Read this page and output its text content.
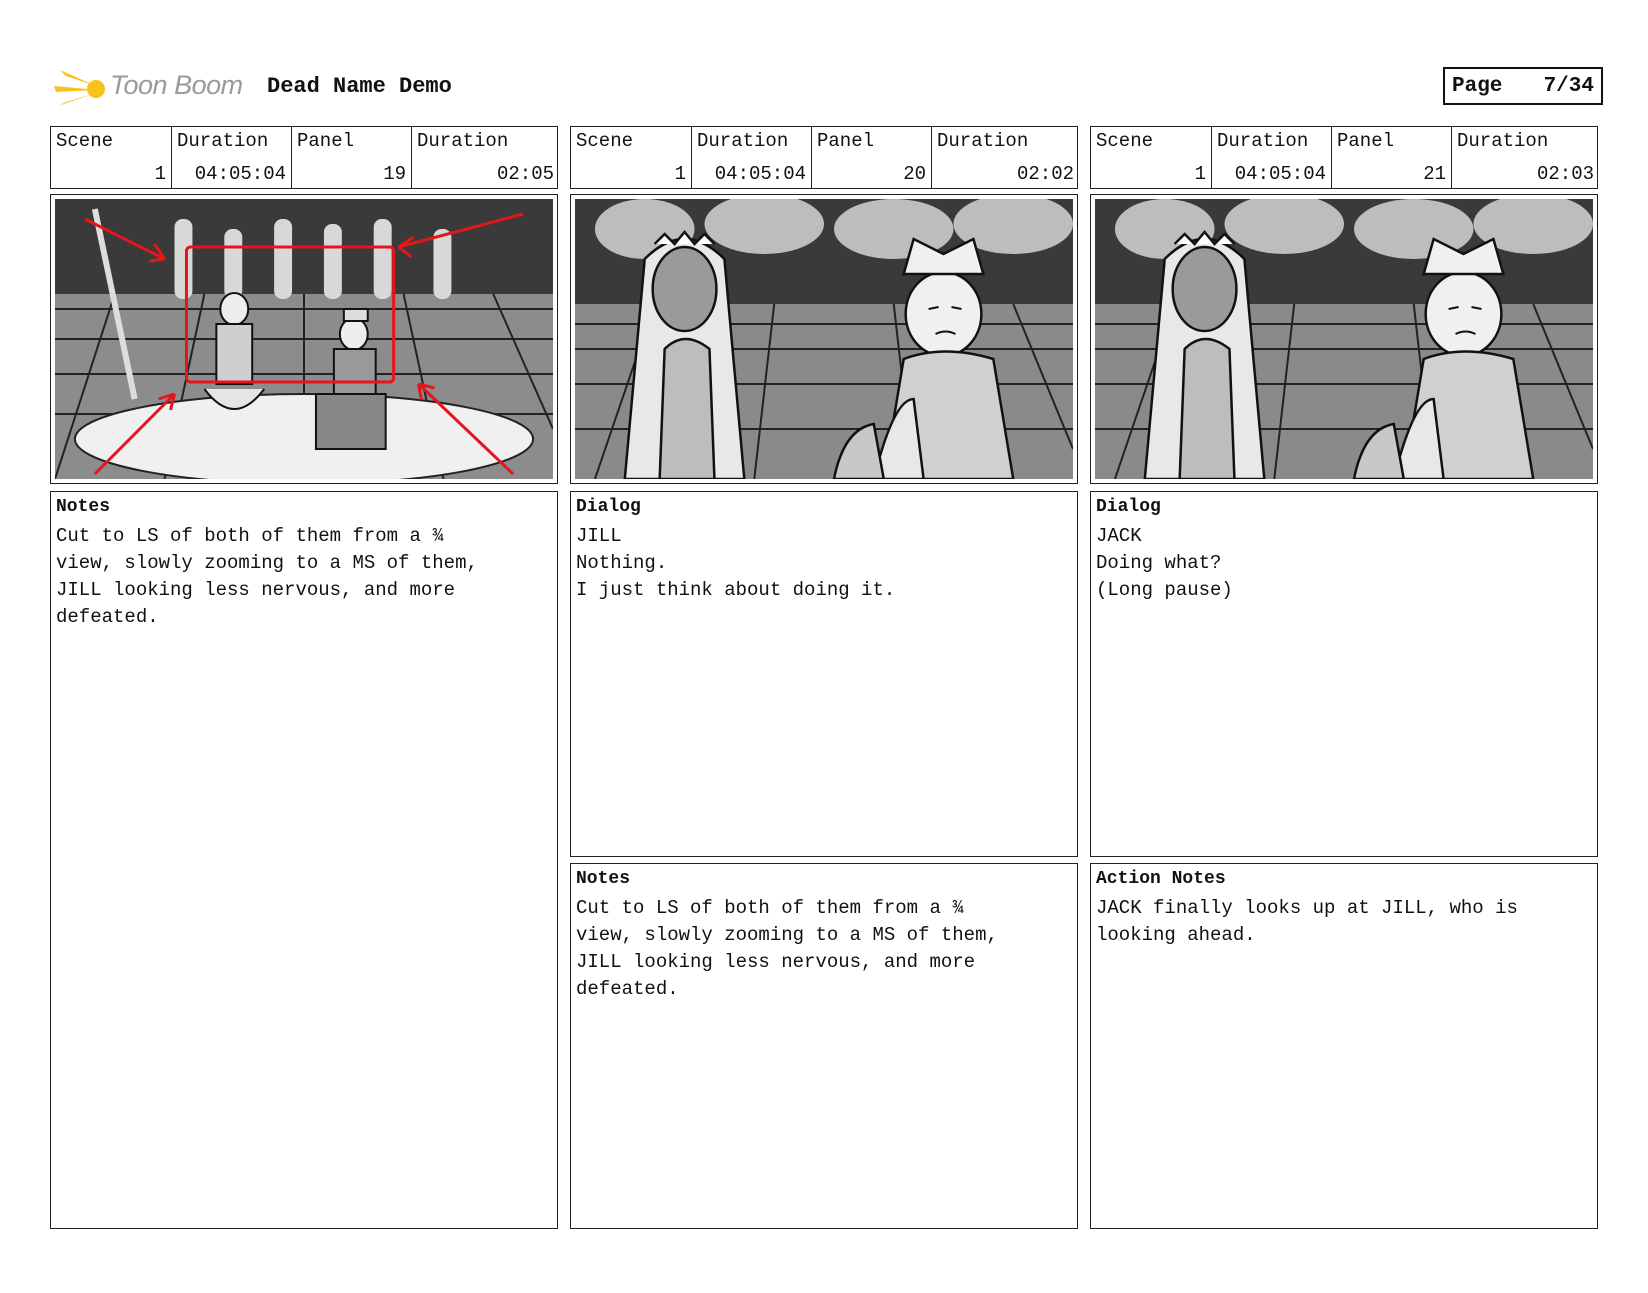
Toon Boom Dead Name Demo	Page 7/34
Scene
1
Duration
04:05:04
Panel
19
Duration
02:05
Notes
Cut to LS of both of them from a ¾
view, slowly zooming to a MS of them,
JILL looking less nervous, and more
defeated.
Scene
1
Duration
04:05:04
Panel
20
Duration
02:02
Dialog
JILL
Nothing.
I just think about doing it.
Notes
Cut to LS of both of them from a ¾
view, slowly zooming to a MS of them,
JILL looking less nervous, and more
defeated.
Scene
1
Duration
04:05:04
Panel
21
Duration
02:03
Dialog
JACK
Doing what?
(Long pause)
Action Notes
JACK finally looks up at JILL, who is
looking ahead.
